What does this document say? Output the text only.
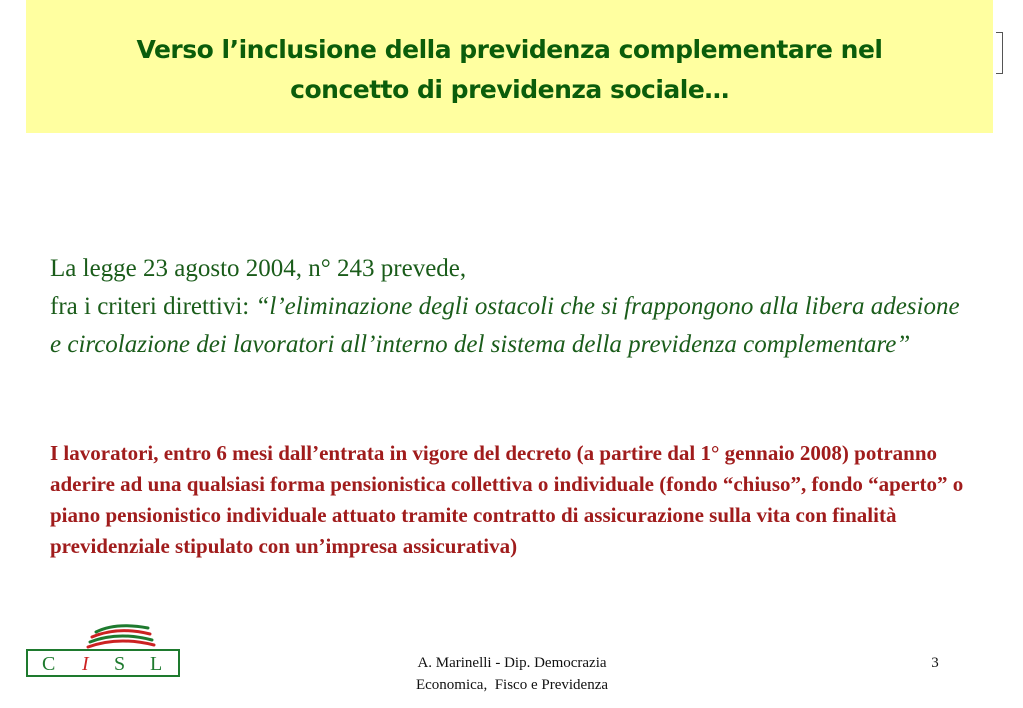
Verso l’inclusione della previdenza complementare nel
concetto di previdenza sociale…
La legge 23 agosto 2004, n° 243 prevede,
fra i criteri direttivi: “l’eliminazione degli ostacoli che si frappongono alla libera adesione e circolazione dei lavoratori all’interno del sistema della previdenza complementare”
I lavoratori, entro 6 mesi dall’entrata in vigore del decreto (a partire dal 1° gennaio 2008) potranno aderire ad una qualsiasi forma pensionistica collettiva o individuale (fondo “chiuso”, fondo “aperto” o piano pensionistico individuale attuato tramite contratto di assicurazione sulla vita con finalità previdenziale stipulato con un’impresa assicurativa)
C I S L	A. Marinelli - Dip. Democrazia
Economica,  Fisco e Previdenza
3
